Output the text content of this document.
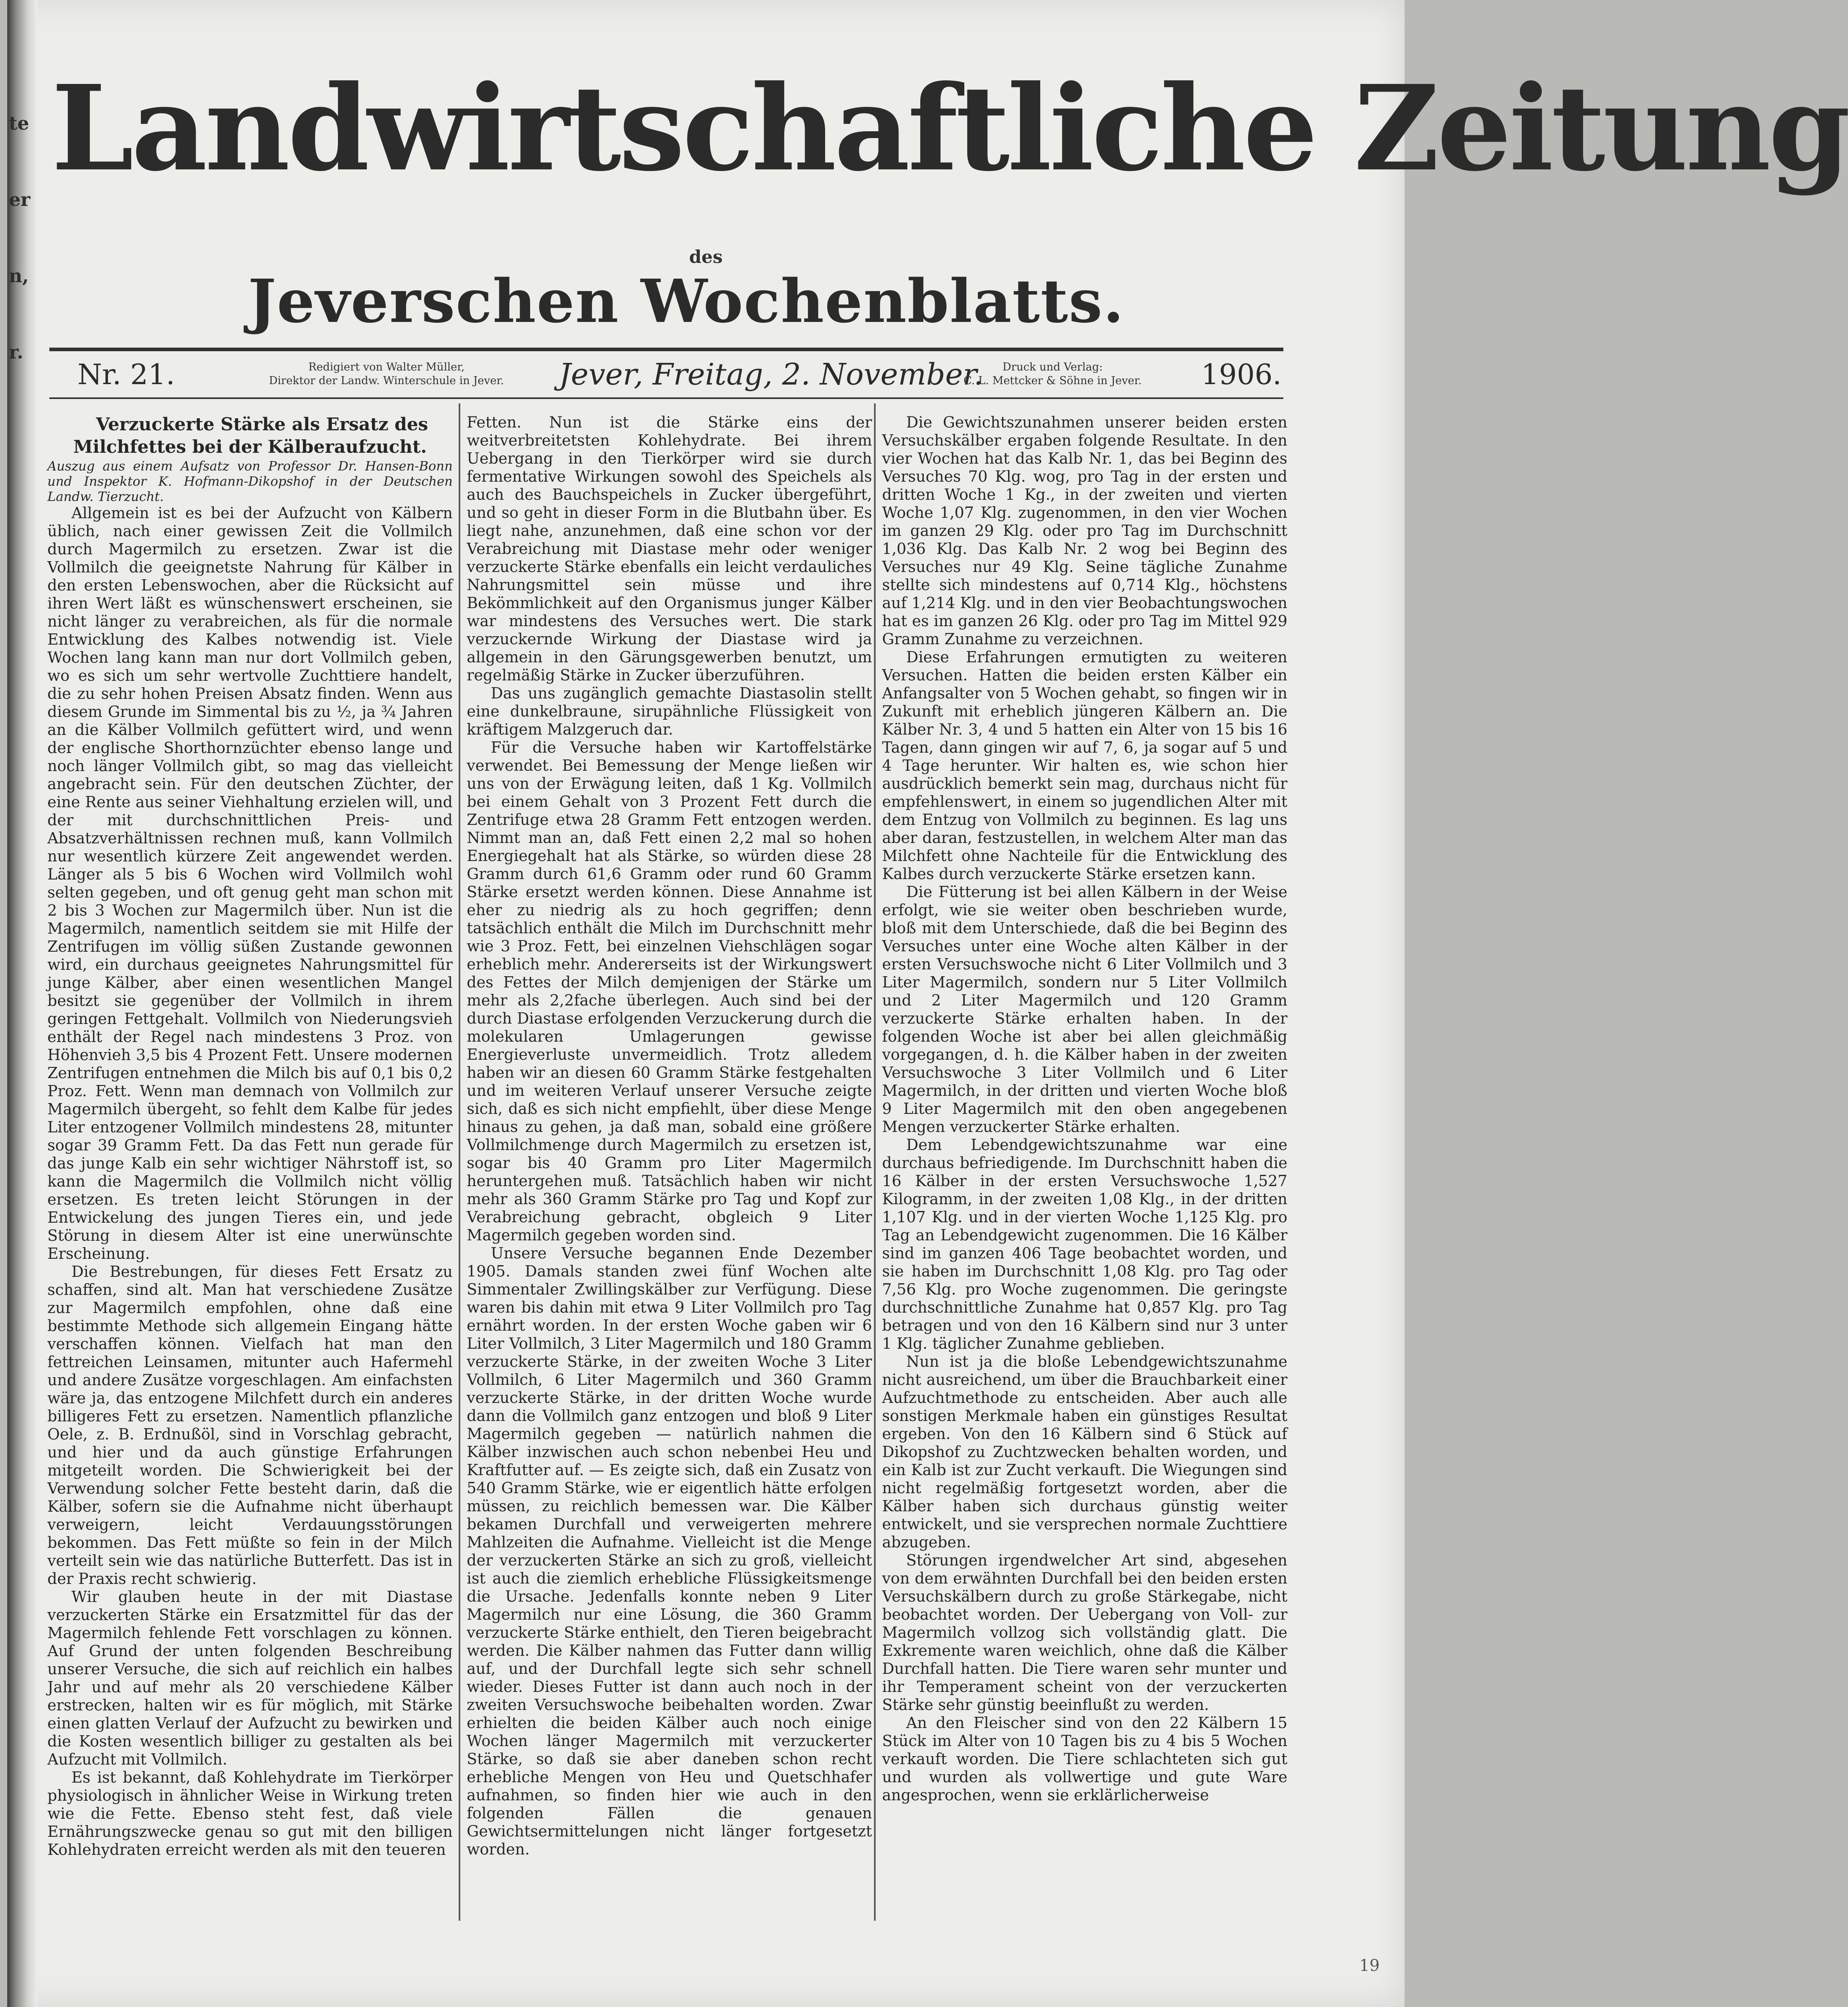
te
er
n,
r.
Landwirtschaftliche Zeitung
des
Jeverschen Wochenblatts.
Nr. 21.	Redigiert von Walter Müller,
Direktor der Landw. Winterschule in Jever.	Jever, Freitag, 2. November.	Druck und Verlag:
C. L. Mettcker & Söhne in Jever.	1906.

Verzuckerte Stärke als Ersatz des Milchfettes bei der Kälberaufzucht.

Auszug aus einem Aufsatz von Professor Dr. Hansen-Bonn und Inspektor K. Hofmann-Dikopshof in der Deutschen Landw. Tierzucht.

Allgemein ist es bei der Aufzucht von Kälbern üblich, nach einer gewissen Zeit die Vollmilch durch Magermilch zu ersetzen. Zwar ist die Vollmilch die geeignetste Nahrung für Kälber in den ersten Lebenswochen, aber die Rücksicht auf ihren Wert läßt es wünschenswert erscheinen, sie nicht länger zu verabreichen, als für die normale Entwicklung des Kalbes notwendig ist. Viele Wochen lang kann man nur dort Vollmilch geben, wo es sich um sehr wertvolle Zuchttiere handelt, die zu sehr hohen Preisen Absatz finden. Wenn aus diesem Grunde im Simmental bis zu ½, ja ¾ Jahren an die Kälber Vollmilch gefüttert wird, und wenn der englische Shorthornzüchter ebenso lange und noch länger Vollmilch gibt, so mag das vielleicht angebracht sein. Für den deutschen Züchter, der eine Rente aus seiner Viehhaltung erzielen will, und der mit durchschnittlichen Preis- und Absatzverhältnissen rechnen muß, kann Vollmilch nur wesentlich kürzere Zeit angewendet werden. Länger als 5 bis 6 Wochen wird Vollmilch wohl selten gegeben, und oft genug geht man schon mit 2 bis 3 Wochen zur Magermilch über. Nun ist die Magermilch, namentlich seitdem sie mit Hilfe der Zentrifugen im völlig süßen Zustande gewonnen wird, ein durchaus geeignetes Nahrungsmittel für junge Kälber, aber einen wesentlichen Mangel besitzt sie gegenüber der Vollmilch in ihrem geringen Fettgehalt. Vollmilch von Niederungsvieh enthält der Regel nach mindestens 3 Proz. von Höhenvieh 3,5 bis 4 Prozent Fett. Unsere modernen Zentrifugen entnehmen die Milch bis auf 0,1 bis 0,2 Proz. Fett. Wenn man demnach von Vollmilch zur Magermilch übergeht, so fehlt dem Kalbe für jedes Liter entzogener Vollmilch mindestens 28, mitunter sogar 39 Gramm Fett. Da das Fett nun gerade für das junge Kalb ein sehr wichtiger Nährstoff ist, so kann die Magermilch die Vollmilch nicht völlig ersetzen. Es treten leicht Störungen in der Entwickelung des jungen Tieres ein, und jede Störung in diesem Alter ist eine unerwünschte Erscheinung.

Die Bestrebungen, für dieses Fett Ersatz zu schaffen, sind alt. Man hat verschiedene Zusätze zur Magermilch empfohlen, ohne daß eine bestimmte Methode sich allgemein Eingang hätte verschaffen können. Vielfach hat man den fettreichen Leinsamen, mitunter auch Hafermehl und andere Zusätze vorgeschlagen. Am einfachsten wäre ja, das entzogene Milchfett durch ein anderes billigeres Fett zu ersetzen. Namentlich pflanzliche Oele, z. B. Erdnußöl, sind in Vorschlag gebracht, und hier und da auch günstige Erfahrungen mitgeteilt worden. Die Schwierigkeit bei der Verwendung solcher Fette besteht darin, daß die Kälber, sofern sie die Aufnahme nicht überhaupt verweigern, leicht Verdauungsstörungen bekommen. Das Fett müßte so fein in der Milch verteilt sein wie das natürliche Butterfett. Das ist in der Praxis recht schwierig.

Wir glauben heute in der mit Diastase verzuckerten Stärke ein Ersatzmittel für das der Magermilch fehlende Fett vorschlagen zu können. Auf Grund der unten folgenden Beschreibung unserer Versuche, die sich auf reichlich ein halbes Jahr und auf mehr als 20 verschiedene Kälber erstrecken, halten wir es für möglich, mit Stärke einen glatten Verlauf der Aufzucht zu bewirken und die Kosten wesentlich billiger zu gestalten als bei Aufzucht mit Vollmilch.

Es ist bekannt, daß Kohlehydrate im Tierkörper physiologisch in ähnlicher Weise in Wirkung treten wie die Fette. Ebenso steht fest, daß viele Ernährungszwecke genau so gut mit den billigen Kohlehydraten erreicht werden als mit den teueren

Fetten. Nun ist die Stärke eins der weitverbreitetsten Kohlehydrate. Bei ihrem Uebergang in den Tierkörper wird sie durch fermentative Wirkungen sowohl des Speichels als auch des Bauchspeichels in Zucker übergeführt, und so geht in dieser Form in die Blutbahn über. Es liegt nahe, anzunehmen, daß eine schon vor der Verabreichung mit Diastase mehr oder weniger verzuckerte Stärke ebenfalls ein leicht verdauliches Nahrungsmittel sein müsse und ihre Bekömmlichkeit auf den Organismus junger Kälber war mindestens des Versuches wert. Die stark verzuckernde Wirkung der Diastase wird ja allgemein in den Gärungsgewerben benutzt, um regelmäßig Stärke in Zucker überzuführen.

Das uns zugänglich gemachte Diastasolin stellt eine dunkelbraune, sirupähnliche Flüssigkeit von kräftigem Malzgeruch dar.

Für die Versuche haben wir Kartoffelstärke verwendet. Bei Bemessung der Menge ließen wir uns von der Erwägung leiten, daß 1 Kg. Vollmilch bei einem Gehalt von 3 Prozent Fett durch die Zentrifuge etwa 28 Gramm Fett entzogen werden. Nimmt man an, daß Fett einen 2,2 mal so hohen Energiegehalt hat als Stärke, so würden diese 28 Gramm durch 61,6 Gramm oder rund 60 Gramm Stärke ersetzt werden können. Diese Annahme ist eher zu niedrig als zu hoch gegriffen; denn tatsächlich enthält die Milch im Durchschnitt mehr wie 3 Proz. Fett, bei einzelnen Viehschlägen sogar erheblich mehr. Andererseits ist der Wirkungswert des Fettes der Milch demjenigen der Stärke um mehr als 2,2fache überlegen. Auch sind bei der durch Diastase erfolgenden Verzuckerung durch die molekularen Umlagerungen gewisse Energieverluste unvermeidlich. Trotz alledem haben wir an diesen 60 Gramm Stärke festgehalten und im weiteren Verlauf unserer Versuche zeigte sich, daß es sich nicht empfiehlt, über diese Menge hinaus zu gehen, ja daß man, sobald eine größere Vollmilchmenge durch Magermilch zu ersetzen ist, sogar bis 40 Gramm pro Liter Magermilch heruntergehen muß. Tatsächlich haben wir nicht mehr als 360 Gramm Stärke pro Tag und Kopf zur Verabreichung gebracht, obgleich 9 Liter Magermilch gegeben worden sind.

Unsere Versuche begannen Ende Dezember 1905. Damals standen zwei fünf Wochen alte Simmentaler Zwillingskälber zur Verfügung. Diese waren bis dahin mit etwa 9 Liter Vollmilch pro Tag ernährt worden. In der ersten Woche gaben wir 6 Liter Vollmilch, 3 Liter Magermilch und 180 Gramm verzuckerte Stärke, in der zweiten Woche 3 Liter Vollmilch, 6 Liter Magermilch und 360 Gramm verzuckerte Stärke, in der dritten Woche wurde dann die Vollmilch ganz entzogen und bloß 9 Liter Magermilch gegeben — natürlich nahmen die Kälber inzwischen auch schon nebenbei Heu und Kraftfutter auf. — Es zeigte sich, daß ein Zusatz von 540 Gramm Stärke, wie er eigentlich hätte erfolgen müssen, zu reichlich bemessen war. Die Kälber bekamen Durchfall und verweigerten mehrere Mahlzeiten die Aufnahme. Vielleicht ist die Menge der verzuckerten Stärke an sich zu groß, vielleicht ist auch die ziemlich erhebliche Flüssigkeitsmenge die Ursache. Jedenfalls konnte neben 9 Liter Magermilch nur eine Lösung, die 360 Gramm verzuckerte Stärke enthielt, den Tieren beigebracht werden. Die Kälber nahmen das Futter dann willig auf, und der Durchfall legte sich sehr schnell wieder. Dieses Futter ist dann auch noch in der zweiten Versuchswoche beibehalten worden. Zwar erhielten die beiden Kälber auch noch einige Wochen länger Magermilch mit verzuckerter Stärke, so daß sie aber daneben schon recht erhebliche Mengen von Heu und Quetschhafer aufnahmen, so finden hier wie auch in den folgenden Fällen die genauen Gewichtsermittelungen nicht länger fortgesetzt worden.

Die Gewichtszunahmen unserer beiden ersten Versuchskälber ergaben folgende Resultate. In den vier Wochen hat das Kalb Nr. 1, das bei Beginn des Versuches 70 Klg. wog, pro Tag in der ersten und dritten Woche 1 Kg., in der zweiten und vierten Woche 1,07 Klg. zugenommen, in den vier Wochen im ganzen 29 Klg. oder pro Tag im Durchschnitt 1,036 Klg. Das Kalb Nr. 2 wog bei Beginn des Versuches nur 49 Klg. Seine tägliche Zunahme stellte sich mindestens auf 0,714 Klg., höchstens auf 1,214 Klg. und in den vier Beobachtungswochen hat es im ganzen 26 Klg. oder pro Tag im Mittel 929 Gramm Zunahme zu verzeichnen.

Diese Erfahrungen ermutigten zu weiteren Versuchen. Hatten die beiden ersten Kälber ein Anfangsalter von 5 Wochen gehabt, so fingen wir in Zukunft mit erheblich jüngeren Kälbern an. Die Kälber Nr. 3, 4 und 5 hatten ein Alter von 15 bis 16 Tagen, dann gingen wir auf 7, 6, ja sogar auf 5 und 4 Tage herunter. Wir halten es, wie schon hier ausdrücklich bemerkt sein mag, durchaus nicht für empfehlenswert, in einem so jugendlichen Alter mit dem Entzug von Vollmilch zu beginnen. Es lag uns aber daran, festzustellen, in welchem Alter man das Milchfett ohne Nachteile für die Entwicklung des Kalbes durch verzuckerte Stärke ersetzen kann.

Die Fütterung ist bei allen Kälbern in der Weise erfolgt, wie sie weiter oben beschrieben wurde, bloß mit dem Unterschiede, daß die bei Beginn des Versuches unter eine Woche alten Kälber in der ersten Versuchswoche nicht 6 Liter Vollmilch und 3 Liter Magermilch, sondern nur 5 Liter Vollmilch und 2 Liter Magermilch und 120 Gramm verzuckerte Stärke erhalten haben. In der folgenden Woche ist aber bei allen gleichmäßig vorgegangen, d. h. die Kälber haben in der zweiten Versuchswoche 3 Liter Vollmilch und 6 Liter Magermilch, in der dritten und vierten Woche bloß 9 Liter Magermilch mit den oben angegebenen Mengen verzuckerter Stärke erhalten.

Dem Lebendgewichtszunahme war eine durchaus befriedigende. Im Durchschnitt haben die 16 Kälber in der ersten Versuchswoche 1,527 Kilogramm, in der zweiten 1,08 Klg., in der dritten 1,107 Klg. und in der vierten Woche 1,125 Klg. pro Tag an Lebendgewicht zugenommen. Die 16 Kälber sind im ganzen 406 Tage beobachtet worden, und sie haben im Durchschnitt 1,08 Klg. pro Tag oder 7,56 Klg. pro Woche zugenommen. Die geringste durchschnittliche Zunahme hat 0,857 Klg. pro Tag betragen und von den 16 Kälbern sind nur 3 unter 1 Klg. täglicher Zunahme geblieben.

Nun ist ja die bloße Lebendgewichtszunahme nicht ausreichend, um über die Brauchbarkeit einer Aufzuchtmethode zu entscheiden. Aber auch alle sonstigen Merkmale haben ein günstiges Resultat ergeben. Von den 16 Kälbern sind 6 Stück auf Dikopshof zu Zuchtzwecken behalten worden, und ein Kalb ist zur Zucht verkauft. Die Wiegungen sind nicht regelmäßig fortgesetzt worden, aber die Kälber haben sich durchaus günstig weiter entwickelt, und sie versprechen normale Zuchttiere abzugeben.

Störungen irgendwelcher Art sind, abgesehen von dem erwähnten Durchfall bei den beiden ersten Versuchskälbern durch zu große Stärkegabe, nicht beobachtet worden. Der Uebergang von Voll- zur Magermilch vollzog sich vollständig glatt. Die Exkremente waren weichlich, ohne daß die Kälber Durchfall hatten. Die Tiere waren sehr munter und ihr Temperament scheint von der verzuckerten Stärke sehr günstig beeinflußt zu werden.

An den Fleischer sind von den 22 Kälbern 15 Stück im Alter von 10 Tagen bis zu 4 bis 5 Wochen verkauft worden. Die Tiere schlachteten sich gut und wurden als vollwertige und gute Ware angesprochen, wenn sie erklärlicherweise

19
